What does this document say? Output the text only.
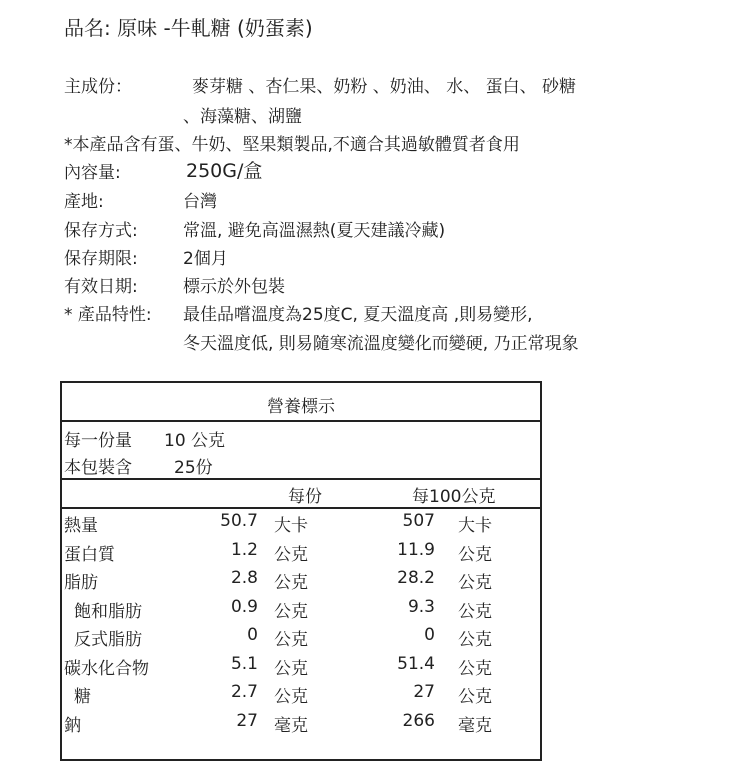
品名: 原味 -牛軋糖 (奶蛋素)
主成份：	麥芽糖 、杏仁果、奶粉 、奶油、 水、 蛋白、 砂糖
、海藻糖、湖鹽
*本產品含有蛋、牛奶、堅果類製品,不適合其過敏體質者食用
內容量:	250G/盒
產地:	台灣
保存方式:	常溫, 避免高溫濕熱(夏天建議冷藏)
保存期限:	2個月
有效日期:	標示於外包裝
* 產品特性: 最佳品嚐溫度為25度C, 夏天溫度高 ,則易變形,
冬天溫度低, 則易隨寒流溫度變化而變硬, 乃正常現象
營養標示
每一份量 10 公克
本包裝含 25份
每份	每100公克
熱量	50.7 大卡	507 大卡
蛋白質	1.2 公克	11.9 公克
脂肪	2.8 公克	28.2 公克
飽和脂肪	0.9 公克	9.3 公克
反式脂肪	0 公克	0 公克
碳水化合物	5.1 公克	51.4 公克
糖	2.7 公克	27 公克
鈉	27 毫克	266 毫克
